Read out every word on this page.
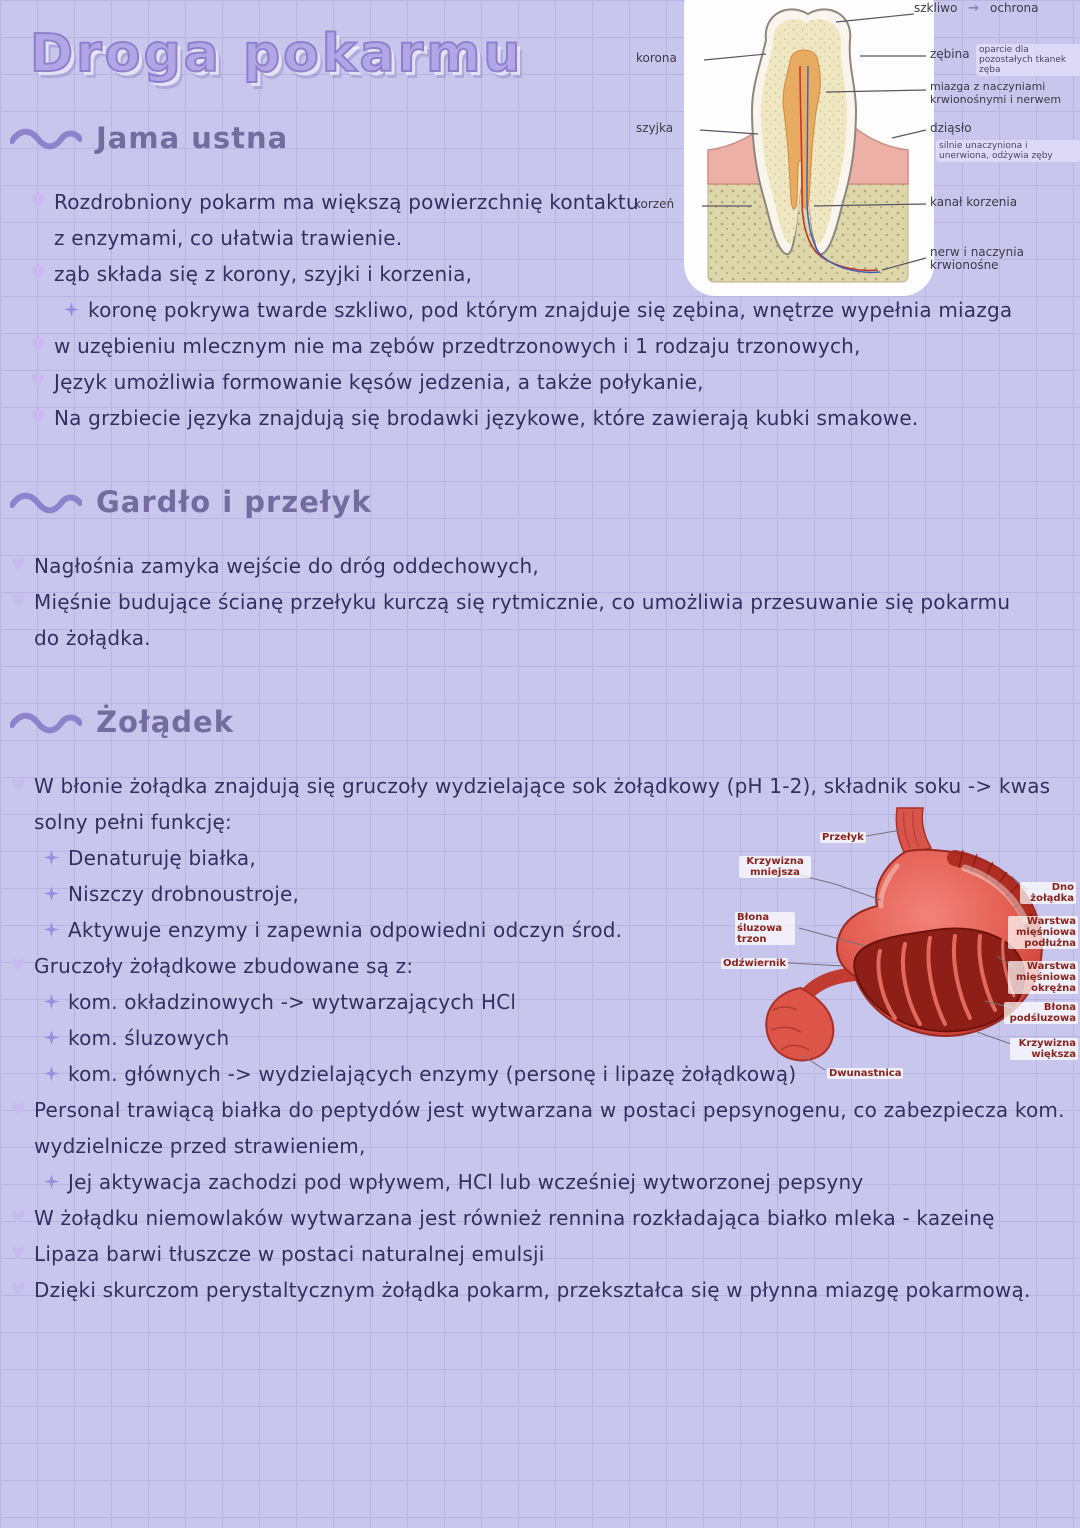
Droga pokarmu
szkliwo → ochrona
korona
szyjka
korzeń
zębina	oparcie dla pozostałych tkanek zęba
miazga z naczyniami krwionośnymi i nerwem
dziąsło
silnie unaczyniona i unerwiona, odżywia zęby
kanał korzenia
nerw i naczynia krwionośne
Przełyk
Krzywizna mniejsza
Dno żołądka
Błona śluzowa trzon
Warstwa mięśniowa podłużna
Odźwiernik	Warstwa mięśniowa okrężna
Błona podśluzowa
Krzywizna większa
Dwunastnica
Jama ustna
♥ Rozdrobniony pokarm ma większą powierzchnię kontaktu z enzymami, co ułatwia trawienie.
♥ ząb składa się z korony, szyjki i korzenia,
koronę pokrywa twarde szkliwo, pod którym znajduje się zębina, wnętrze wypełnia miazga
♥ w uzębieniu mlecznym nie ma zębów przedtrzonowych i 1 rodzaju trzonowych,
♥ Język umożliwia formowanie kęsów jedzenia, a także połykanie,
♥ Na grzbiecie języka znajdują się brodawki językowe, które zawierają kubki smakowe.
Gardło i przełyk
♥ Nagłośnia zamyka wejście do dróg oddechowych,
♥ Mięśnie budujące ścianę przełyku kurczą się rytmicznie, co umożliwia przesuwanie się pokarmu do żołądka.
Żołądek
♥ W błonie żołądka znajdują się gruczoły wydzielające sok żołądkowy (pH 1-2), składnik soku -> kwas solny pełni funkcję:
Denaturuję białka,
Niszczy drobnoustroje,
Aktywuje enzymy i zapewnia odpowiedni odczyn środ.
♥ Gruczoły żołądkowe zbudowane są z:
kom. okładzinowych -> wytwarzających HCl
kom. śluzowych
kom. głównych -> wydzielających enzymy (personę i lipazę żołądkową)
♥ Personal trawiącą białka do peptydów jest wytwarzana w postaci pepsynogenu, co zabezpiecza kom. wydzielnicze przed strawieniem,
Jej aktywacja zachodzi pod wpływem, HCl lub wcześniej wytworzonej pepsyny
♥ W żołądku niemowlaków wytwarzana jest również rennina rozkładająca białko mleka - kazeinę
♥ Lipaza barwi tłuszcze w postaci naturalnej emulsji
♥ Dzięki skurczom perystaltycznym żołądka pokarm, przekształca się w płynna miazgę pokarmową.
